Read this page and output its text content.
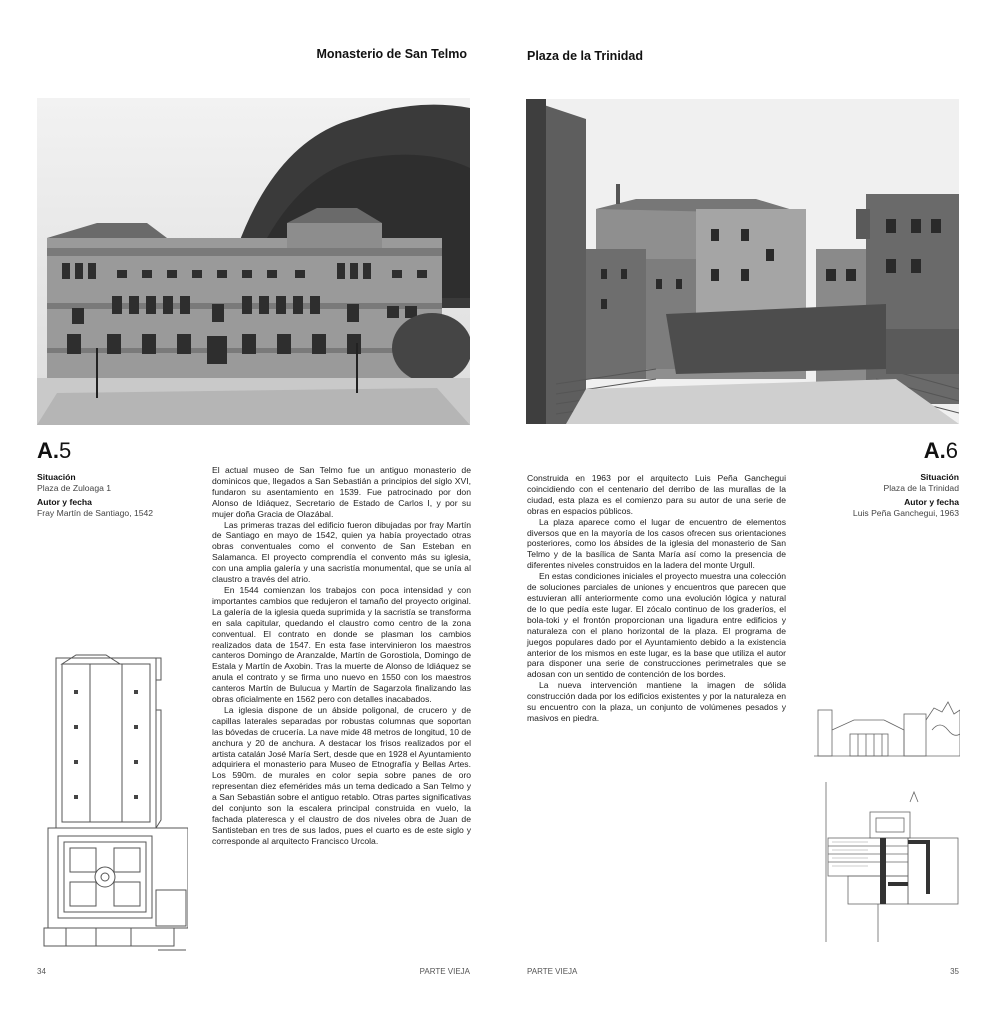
Monasterio de San Telmo
A.5
Situación
Plaza de Zuloaga 1
Autor y fecha
Fray Martín de Santiago, 1542

El actual museo de San Telmo fue un antiguo monasterio de dominicos que, llegados a San Sebastián a principios del siglo XVI, fundaron su asentamiento en 1539. Fue patrocinado por don Alonso de Idiáquez, Secretario de Estado de Carlos I, y por su mujer doña Gracia de Olazábal.

Las primeras trazas del edificio fueron dibujadas por fray Martín de Santiago en mayo de 1542, quien ya había proyectado otras obras conventuales como el convento de San Esteban en Salamanca. El proyecto comprendía el convento más su iglesia, con una amplia galería y una sacristía monumental, que se unía al claustro a través del atrio.

En 1544 comienzan los trabajos con poca intensidad y con importantes cambios que redujeron el tamaño del proyecto original. La galería de la iglesia queda suprimida y la sacristía se transforma en sala capitular, quedando el claustro como centro de la zona conventual. El contrato en donde se plasman los cambios realizados data de 1547. En esta fase intervinieron los maestros canteros Domingo de Aranzalde, Martín de Gorostiola, Domingo de Estala y Martín de Axobin. Tras la muerte de Alonso de Idiáquez se anula el contrato y se firma uno nuevo en 1550 con los maestros canteros Martín de Bulucua y Martín de Sagarzola finalizando las obras oficialmente en 1562 pero con detalles inacabados.

La iglesia dispone de un ábside poligonal, de crucero y de capillas laterales separadas por robustas columnas que soportan las bóvedas de crucería. La nave mide 48 metros de longitud, 10 de anchura y 20 de anchura. A destacar los frisos realizados por el artista catalán José María Sert, desde que en 1928 el Ayuntamiento adquiriera el monasterio para Museo de Etnografía y Bellas Artes. Los 590m. de murales en color sepia sobre panes de oro representan diez efemérides más un tema dedicado a San Telmo y a San Sebastián sobre el antiguo retablo. Otras partes significativas del conjunto son la escalera principal construida en vuelo, la fachada plateresca y el claustro de dos niveles obra de Juan de Santisteban en tres de sus lados, pues el cuarto es de este siglo y corresponde al arquitecto Francisco Urcola.

34	PARTE VIEJA
Plaza de la Trinidad
A.6
Situación
Plaza de la Trinidad
Autor y fecha
Luis Peña Ganchegui, 1963

Construida en 1963 por el arquitecto Luis Peña Ganchegui coincidiendo con el centenario del derribo de las murallas de la ciudad, esta plaza es el comienzo para su autor de una serie de obras en espacios públicos.

La plaza aparece como el lugar de encuentro de elementos diversos que en la mayoría de los casos ofrecen sus orientaciones posteriores, como los ábsides de la iglesia del monasterio de San Telmo y de la basílica de Santa María así como la presencia de diferentes niveles construidos en la ladera del monte Urgull.

En estas condiciones iniciales el proyecto muestra una colección de soluciones parciales de uniones y encuentros que parecen que estuvieran allí anteriormente como una evolución lógica y natural de lo que pedía este lugar. El zócalo continuo de los graderíos, el bola-toki y el frontón proporcionan una ligadura entre edificios y naturaleza con el plano horizontal de la plaza. El programa de juegos populares dado por el Ayuntamiento debido a la existencia anterior de los mismos en este lugar, es la base que utiliza el autor para disponer una serie de construcciones perimetrales que se adosan con un sentido de contención de los bordes.

La nueva intervención mantiene la imagen de sólida construcción dada por los edificios existentes y por la naturaleza en su encuentro con la plaza, un conjunto de volúmenes pesados y masivos en piedra.

PARTE VIEJA	35
